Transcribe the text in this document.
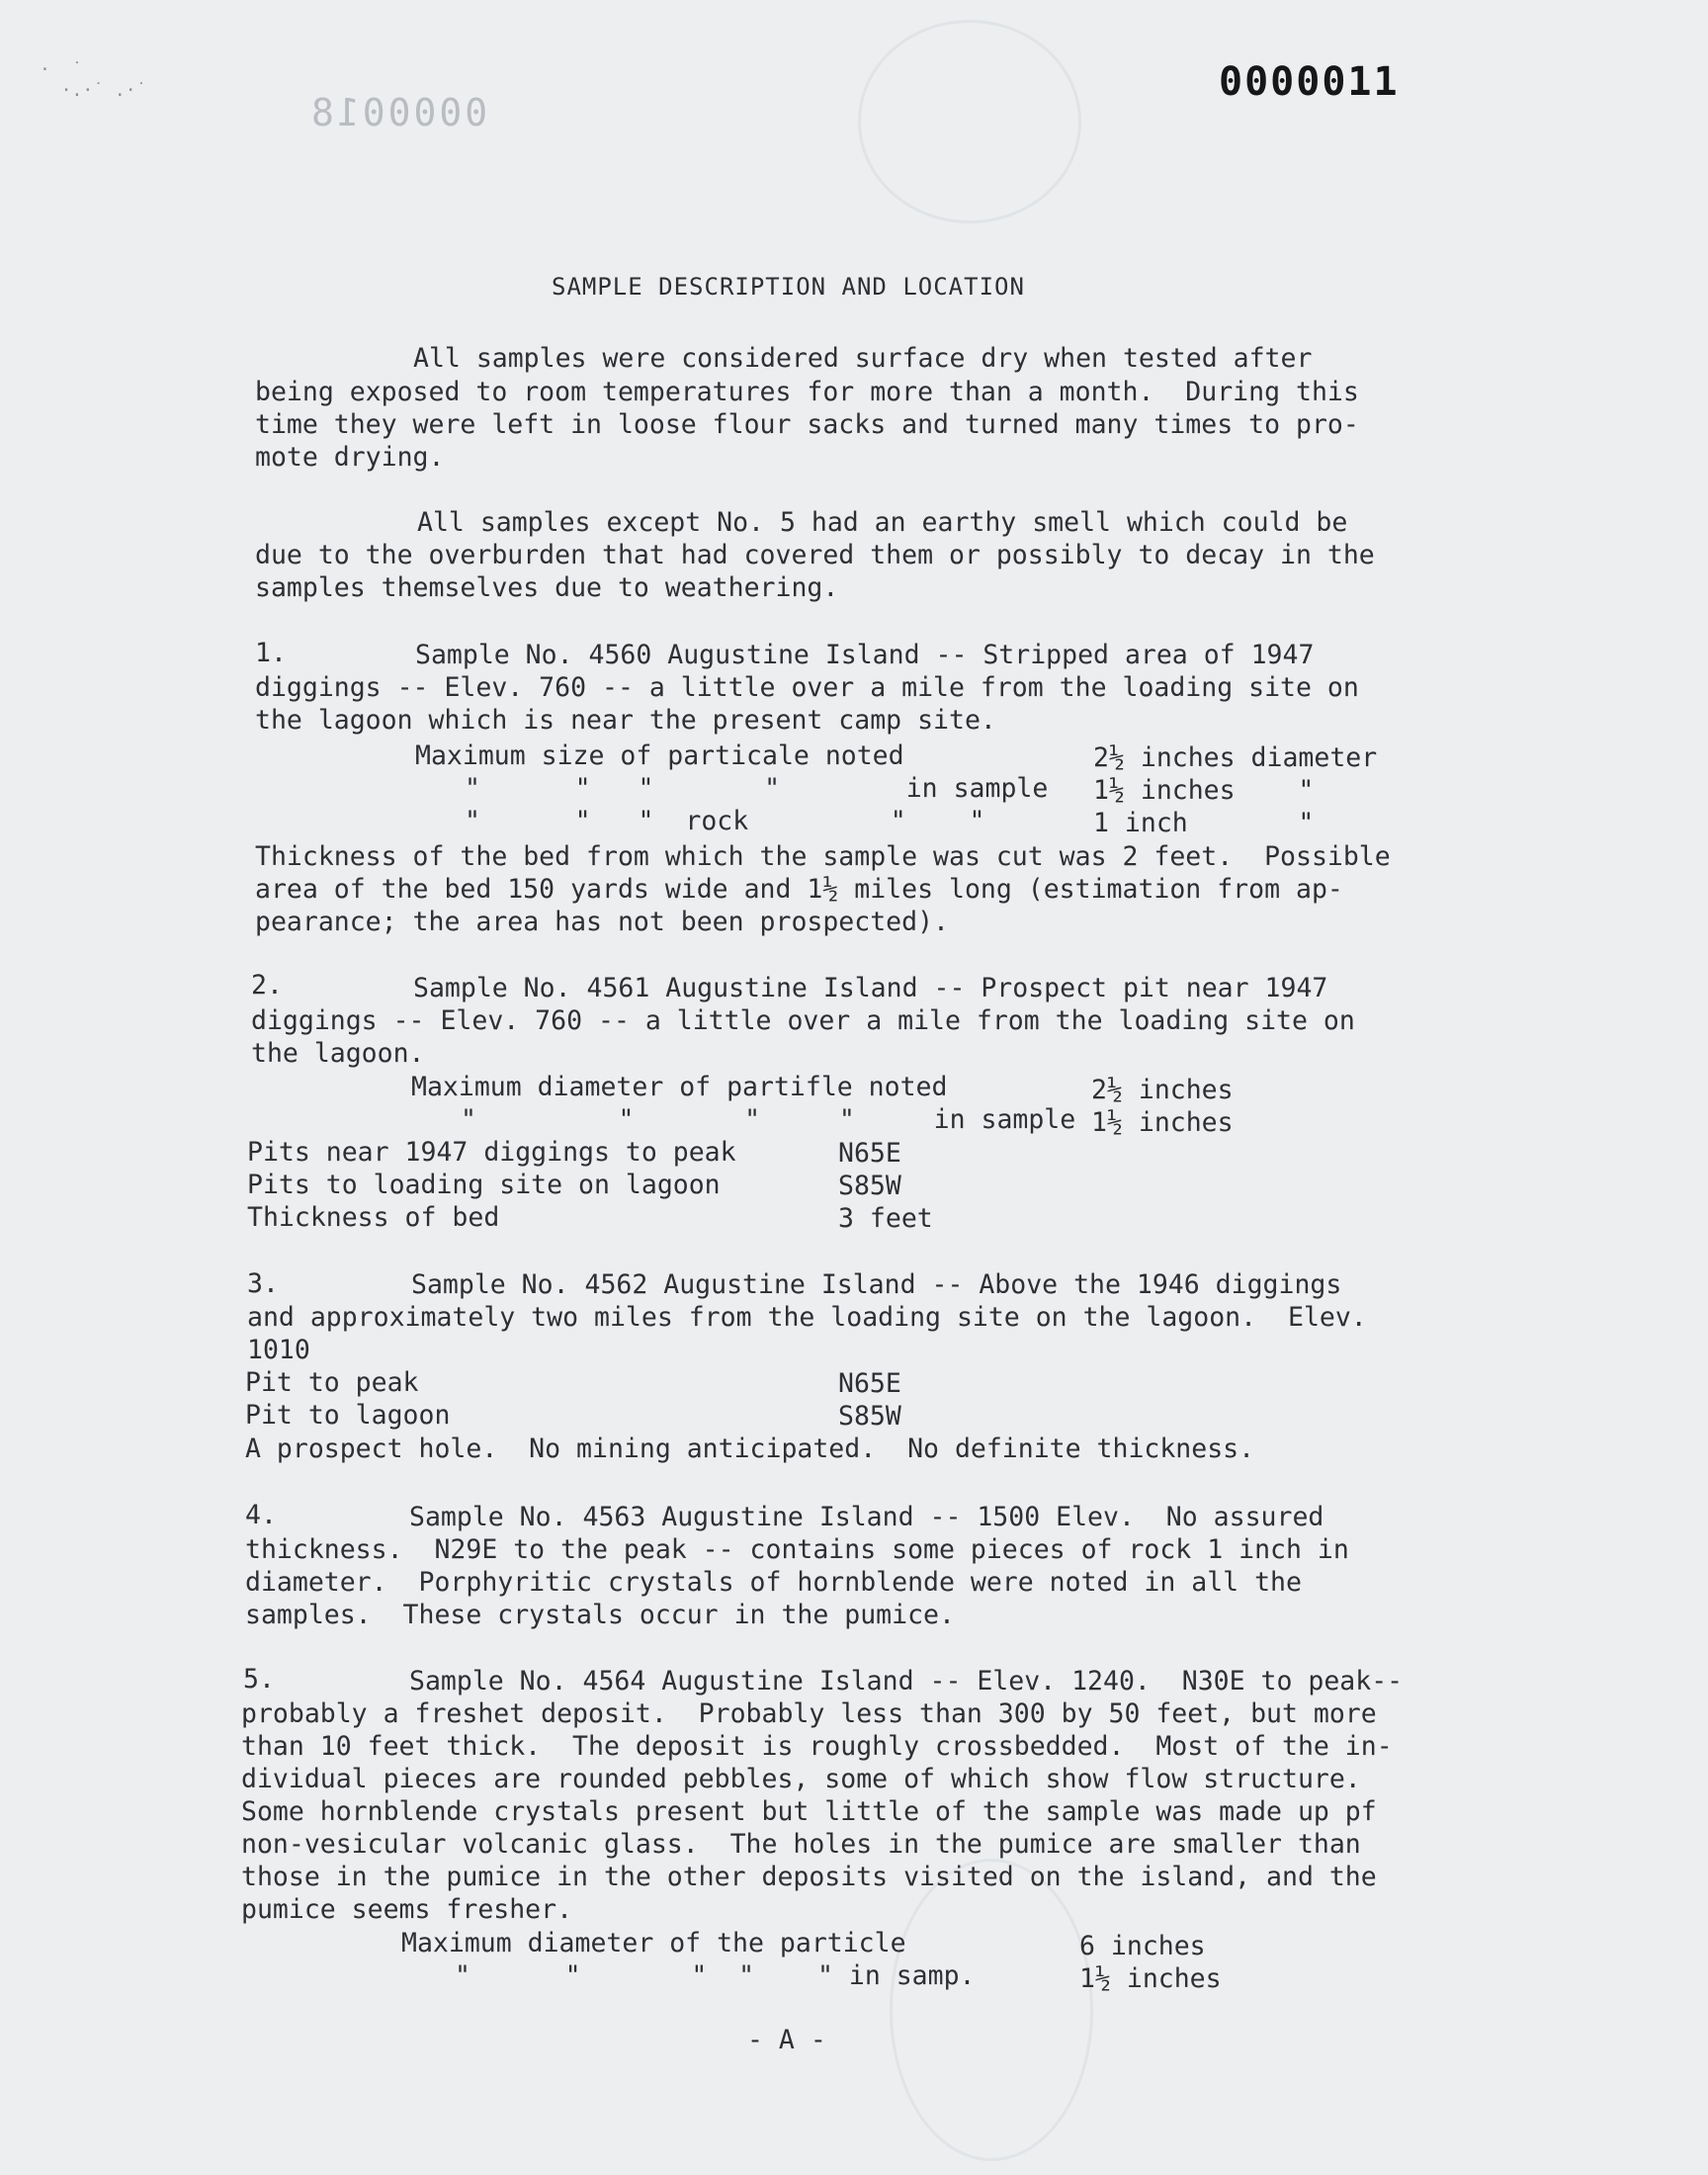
·  ˙
·.·˙ .·˙
0000018
0000011
SAMPLE DESCRIPTION AND LOCATION
All samples were considered surface dry when tested after
being exposed to room temperatures for more than a month.  During this
time they were left in loose flour sacks and turned many times to pro-
mote drying.
All samples except No. 5 had an earthy smell which could be
due to the overburden that had covered them or possibly to decay in the
samples themselves due to weathering.
1.	Sample No. 4560 Augustine Island -- Stripped area of 1947
diggings -- Elev. 760 -- a little over a mile from the loading site on
the lagoon which is near the present camp site.
Maximum size of particale noted	2½ inches diameter
"      "   "       "        in sample 1½ inches    "
"      "   "  rock         "    "	1 inch       "
Thickness of the bed from which the sample was cut was 2 feet.  Possible
area of the bed 150 yards wide and 1½ miles long (estimation from ap-
pearance; the area has not been prospected).
2.	Sample No. 4561 Augustine Island -- Prospect pit near 1947
diggings -- Elev. 760 -- a little over a mile from the loading site on
the lagoon.
Maximum diameter of partifle noted	2½ inches
"         "       "     "     in sample 1½ inches
Pits near 1947 diggings to peak	N65E
Pits to loading site on lagoon	S85W
Thickness of bed	3 feet
3.	Sample No. 4562 Augustine Island -- Above the 1946 diggings
and approximately two miles from the loading site on the lagoon.  Elev.
1010
Pit to peak	N65E
Pit to lagoon	S85W
A prospect hole.  No mining anticipated.  No definite thickness.
4.	Sample No. 4563 Augustine Island -- 1500 Elev.  No assured
thickness.  N29E to the peak -- contains some pieces of rock 1 inch in
diameter.  Porphyritic crystals of hornblende were noted in all the
samples.  These crystals occur in the pumice.
5.	Sample No. 4564 Augustine Island -- Elev. 1240.  N30E to peak--
probably a freshet deposit.  Probably less than 300 by 50 feet, but more
than 10 feet thick.  The deposit is roughly crossbedded.  Most of the in-
dividual pieces are rounded pebbles, some of which show flow structure.
Some hornblende crystals present but little of the sample was made up pf
non-vesicular volcanic glass.  The holes in the pumice are smaller than
those in the pumice in the other deposits visited on the island, and the
pumice seems fresher.
Maximum diameter of the particle	6 inches
"      "       "  "    " in samp.	1½ inches
- A -
